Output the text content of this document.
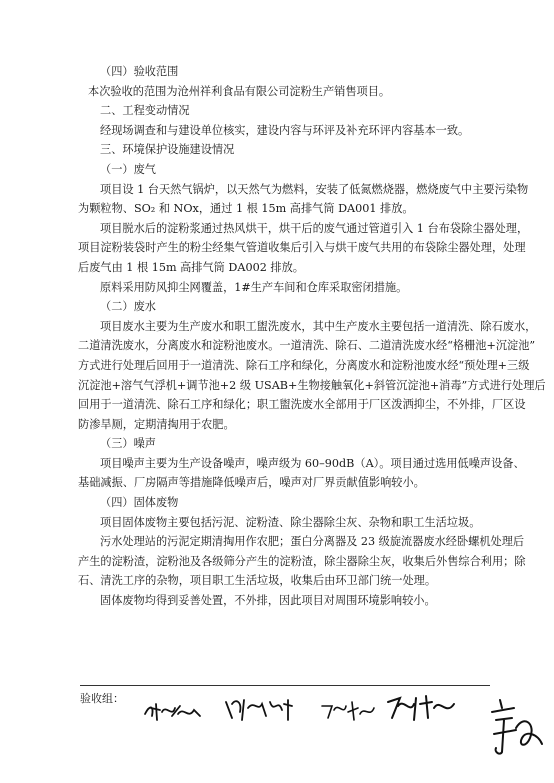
（四）验收范围
本次验收的范围为沧州祥利食品有限公司淀粉生产销售项目。
二、工程变动情况
经现场调查和与建设单位核实，建设内容与环评及补充环评内容基本一致。
三、环境保护设施建设情况
（一）废气
项目设 1 台天然气锅炉，以天然气为燃料，安装了低氮燃烧器，燃烧废气中主要污染物
为颗粒物、SO₂ 和 NOx，通过 1 根 15m 高排气筒 DA001 排放。
项目脱水后的淀粉浆通过热风烘干，烘干后的废气通过管道引入 1 台布袋除尘器处理，
项目淀粉装袋时产生的粉尘经集气管道收集后引入与烘干废气共用的布袋除尘器处理，处理
后废气由 1 根 15m 高排气筒 DA002 排放。
原料采用防风抑尘网覆盖，1#生产车间和仓库采取密闭措施。
（二）废水
项目废水主要为生产废水和职工盥洗废水，其中生产废水主要包括一道清洗、除石废水，
二道清洗废水，分离废水和淀粉池废水。一道清洗、除石、二道清洗废水经“格栅池+沉淀池”
方式进行处理后回用于一道清洗、除石工序和绿化，分离废水和淀粉池废水经“预处理+三级
沉淀池+溶气气浮机+调节池+2 级 USAB+生物接触氧化+斜管沉淀池+消毒”方式进行处理后
回用于一道清洗、除石工序和绿化；职工盥洗废水全部用于厂区泼洒抑尘，不外排，厂区设
防渗旱厕，定期清掏用于农肥。
（三）噪声
项目噪声主要为生产设备噪声，噪声级为 60–90dB（A）。项目通过选用低噪声设备、
基础减振、厂房隔声等措施降低噪声后，噪声对厂界贡献值影响较小。
（四）固体废物
项目固体废物主要包括污泥、淀粉渣、除尘器除尘灰、杂物和职工生活垃圾。
污水处理站的污泥定期清掏用作农肥；蛋白分离器及 23 级旋流器废水经卧螺机处理后
产生的淀粉渣，淀粉池及各级筛分产生的淀粉渣，除尘器除尘灰，收集后外售综合利用；除
石、清洗工序的杂物，项目职工生活垃圾，收集后由环卫部门统一处理。
固体废物均得到妥善处置，不外排，因此项目对周围环境影响较小。
验收组：
